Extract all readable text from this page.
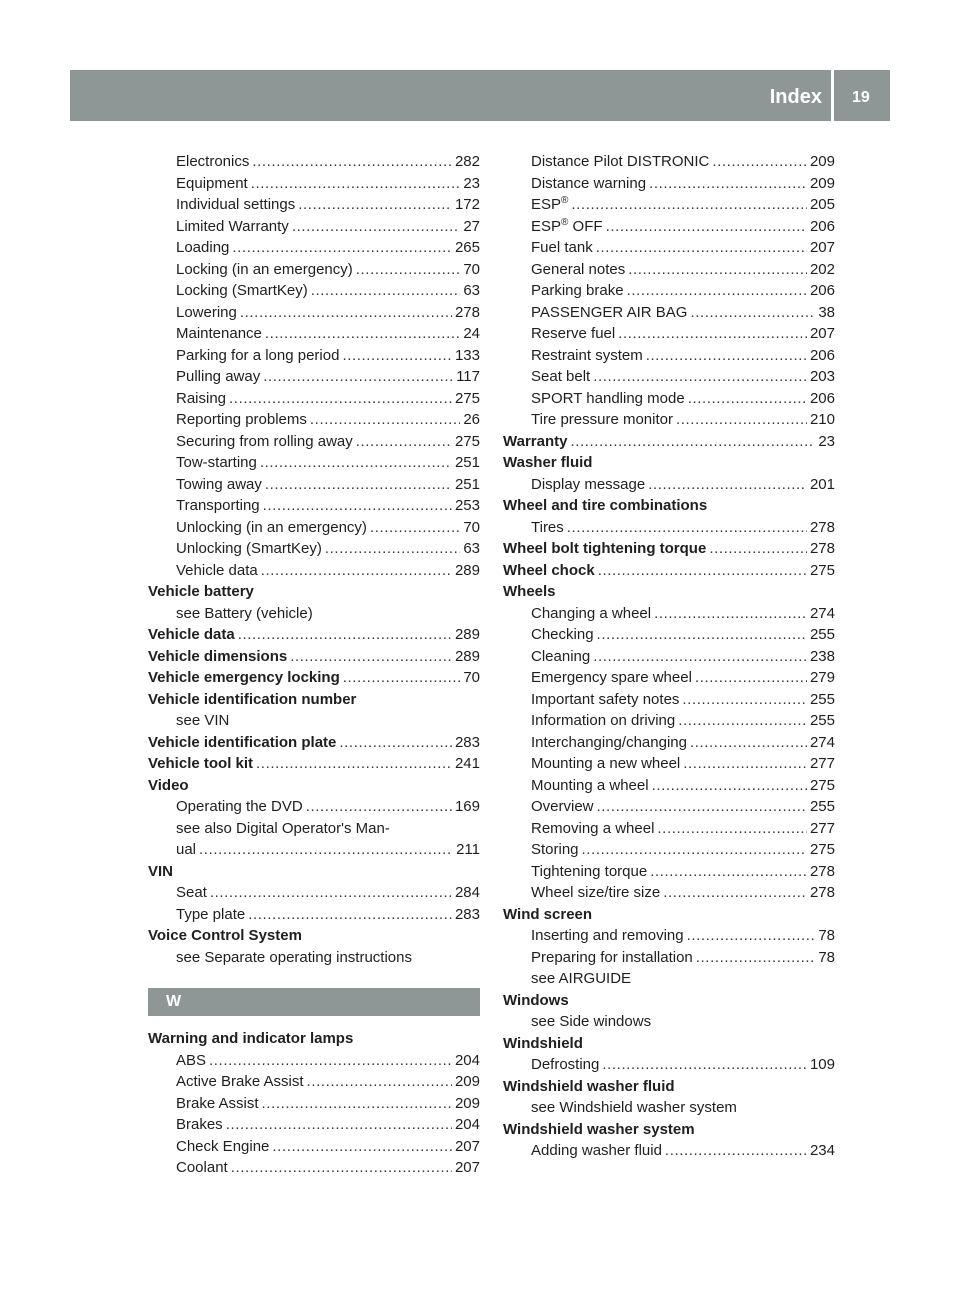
Index 19
Electronics .....	282
Equipment .....	23
Individual settings .....	172
Limited Warranty .....	27
Loading .....	265
Locking (in an emergency) .....	70
Locking (SmartKey) .....	63
Lowering .....	278
Maintenance .....	24
Parking for a long period .....	133
Pulling away .....	117
Raising .....	275
Reporting problems .....	26
Securing from rolling away .....	275
Tow-starting .....	251
Towing away .....	251
Transporting .....	253
Unlocking (in an emergency) .....	70
Unlocking (SmartKey) .....	63
Vehicle data .....	289
Vehicle battery
see Battery (vehicle)
Vehicle data .....	289
Vehicle dimensions .....	289
Vehicle emergency locking .....	70
Vehicle identification number
see VIN
Vehicle identification plate .....	283
Vehicle tool kit .....	241
Video
Operating the DVD .....	169
see also Digital Operator's Man-
ual .....	211
VIN
Seat .....	284
Type plate .....	283
Voice Control System
see Separate operating instructions
W
Warning and indicator lamps
ABS .....	204
Active Brake Assist .....	209
Brake Assist .....	209
Brakes .....	204
Check Engine .....	207
Coolant .....	207
Distance Pilot DISTRONIC .....	209
Distance warning .....	209
ESP® .....	205
ESP® OFF .....	206
Fuel tank .....	207
General notes .....	202
Parking brake .....	206
PASSENGER AIR BAG .....	38
Reserve fuel .....	207
Restraint system .....	206
Seat belt .....	203
SPORT handling mode .....	206
Tire pressure monitor .....	210
Warranty .....	23
Washer fluid
Display message .....	201
Wheel and tire combinations
Tires .....	278
Wheel bolt tightening torque .....	278
Wheel chock .....	275
Wheels
Changing a wheel .....	274
Checking .....	255
Cleaning .....	238
Emergency spare wheel .....	279
Important safety notes .....	255
Information on driving .....	255
Interchanging/changing .....	274
Mounting a new wheel .....	277
Mounting a wheel .....	275
Overview .....	255
Removing a wheel .....	277
Storing .....	275
Tightening torque .....	278
Wheel size/tire size .....	278
Wind screen
Inserting and removing .....	78
Preparing for installation .....	78
see AIRGUIDE
Windows
see Side windows
Windshield
Defrosting .....	109
Windshield washer fluid
see Windshield washer system
Windshield washer system
Adding washer fluid .....	234
